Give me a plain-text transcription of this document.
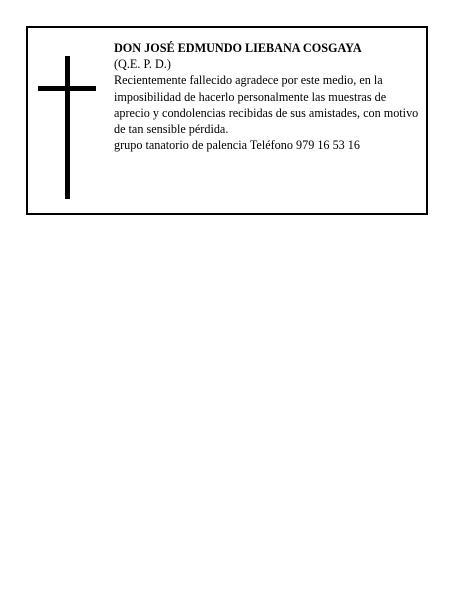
DON JOSÉ EDMUNDO LIEBANA COSGAYA
(Q.E. P. D.)
Recientemente fallecido agradece por este medio, en la imposibilidad de hacerlo personalmente las muestras de aprecio y condolencias recibidas de sus amistades, con motivo de tan sensible pérdida.
grupo tanatorio de palencia Teléfono 979 16 53 16
